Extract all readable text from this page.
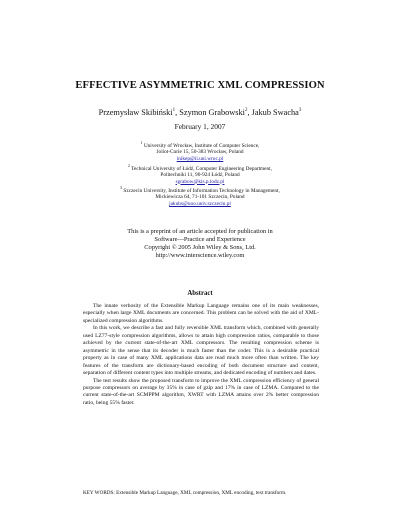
EFFECTIVE ASYMMETRIC XML COMPRESSION
Przemysław Skibiński$^1$, Szymon Grabowski$^2$, Jakub Swacha$^3$
February 1, 2007
$^1$ University of Wrocław, Institute of Computer Science,
Joliot-Curie 15, 50-383 Wrocław, Poland
inikep@ii.uni.wroc.pl
$^2$ Technical University of Łódź, Computer Engineering Department,
Politechniki 11, 90-924 Łódź, Poland
sgrabow@kis.p.lodz.pl
$^3$ Szczecin University, Institute of Information Technology in Management,
Mickiewicza 64, 71-101 Szczecin, Poland
jakubs@uoo.univ.szczecin.pl
This is a preprint of an article accepted for publication in
Software—Practice and Experience
Copyright © 2005 John Wiley & Sons, Ltd.
http://www.interscience.wiley.com
Abstract

The innate verbosity of the Extensible Markup Language remains one of its main weaknesses, especially when large XML documents are concerned. This problem can be solved with the aid of XML-specialized compression algorithms.

In this work, we describe a fast and fully reversible XML transform which, combined with generally used LZ77-style compression algorithms, allows to attain high compression ratios, comparable to those achieved by the current state-of-the-art XML compressors. The resulting compression scheme is asymmetric in the sense that its decoder is much faster than the coder. This is a desirable practical property as in case of many XML applications data are read much more often than written. The key features of the transform are dictionary-based encoding of both document structure and content, separation of different content types into multiple streams, and dedicated encoding of numbers and dates.

The test results show the proposed transform to improve the XML compression efficiency of general purpose compressors on average by 35% in case of gzip and 17% in case of LZMA. Compared to the current state-of-the-art SCMPPM algorithm, XWRT with LZMA attains over 2% better compression ratio, being 55% faster.

KEY WORDS: Extensible Markup Language, XML compression, XML encoding, text transform.
